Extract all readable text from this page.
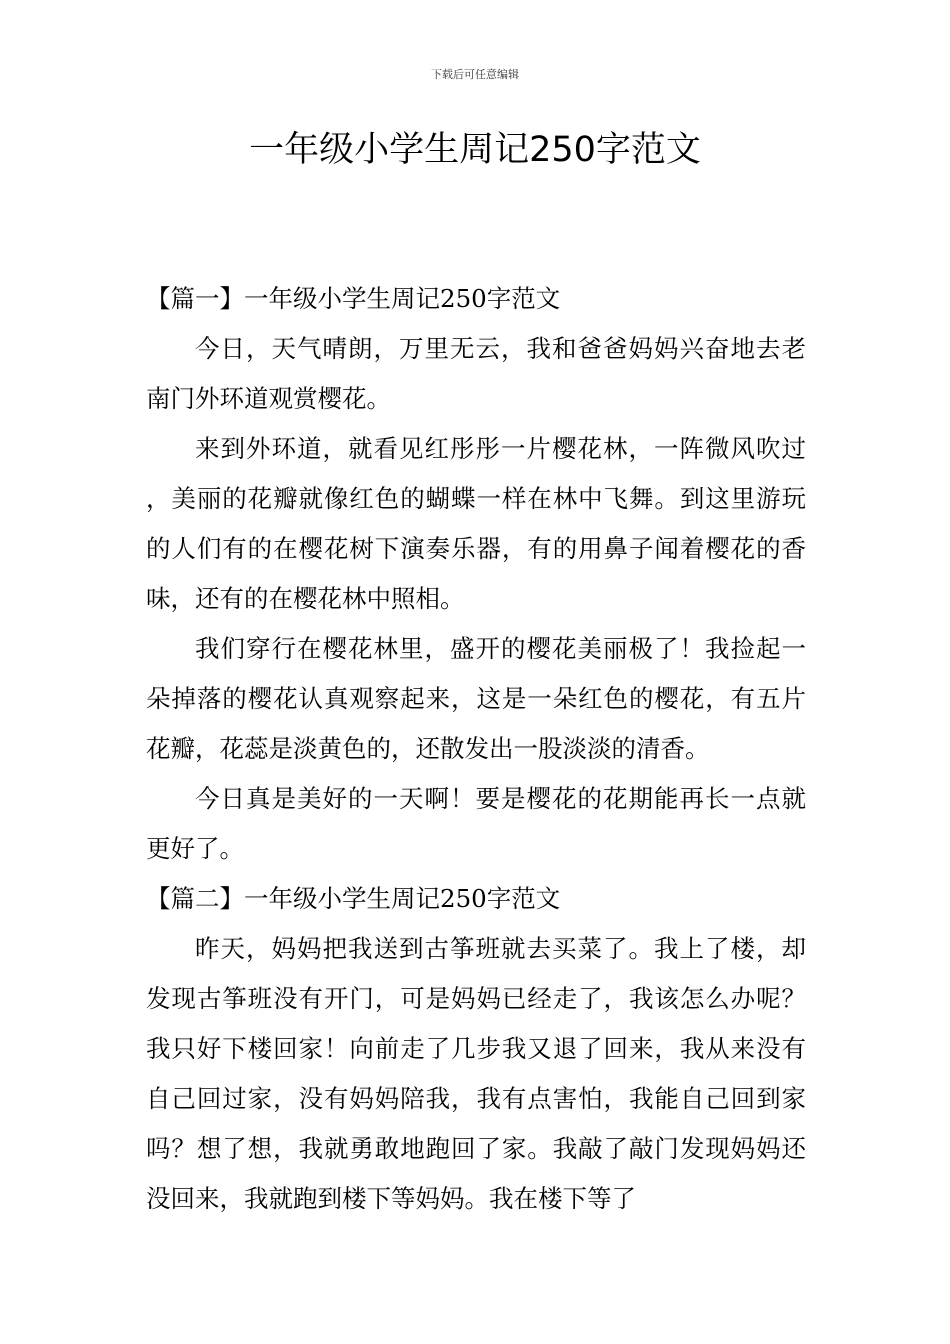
下载后可任意编辑
一年级小学生周记250字范文
【篇一】一年级小学生周记250字范文

今日，天气晴朗，万里无云，我和爸爸妈妈兴奋地去老南门外环道观赏樱花。

来到外环道，就看见红彤彤一片樱花林，一阵微风吹过，美丽的花瓣就像红色的蝴蝶一样在林中飞舞。到这里游玩的人们有的在樱花树下演奏乐器，有的用鼻子闻着樱花的香味，还有的在樱花林中照相。

我们穿行在樱花林里，盛开的樱花美丽极了！我捡起一朵掉落的樱花认真观察起来，这是一朵红色的樱花，有五片花瓣，花蕊是淡黄色的，还散发出一股淡淡的清香。

今日真是美好的一天啊！要是樱花的花期能再长一点就更好了。

【篇二】一年级小学生周记250字范文

昨天，妈妈把我送到古筝班就去买菜了。我上了楼，却发现古筝班没有开门，可是妈妈已经走了，我该怎么办呢？我只好下楼回家！向前走了几步我又退了回来，我从来没有自己回过家，没有妈妈陪我，我有点害怕，我能自己回到家吗？想了想，我就勇敢地跑回了家。我敲了敲门发现妈妈还没回来，我就跑到楼下等妈妈。我在楼下等了
